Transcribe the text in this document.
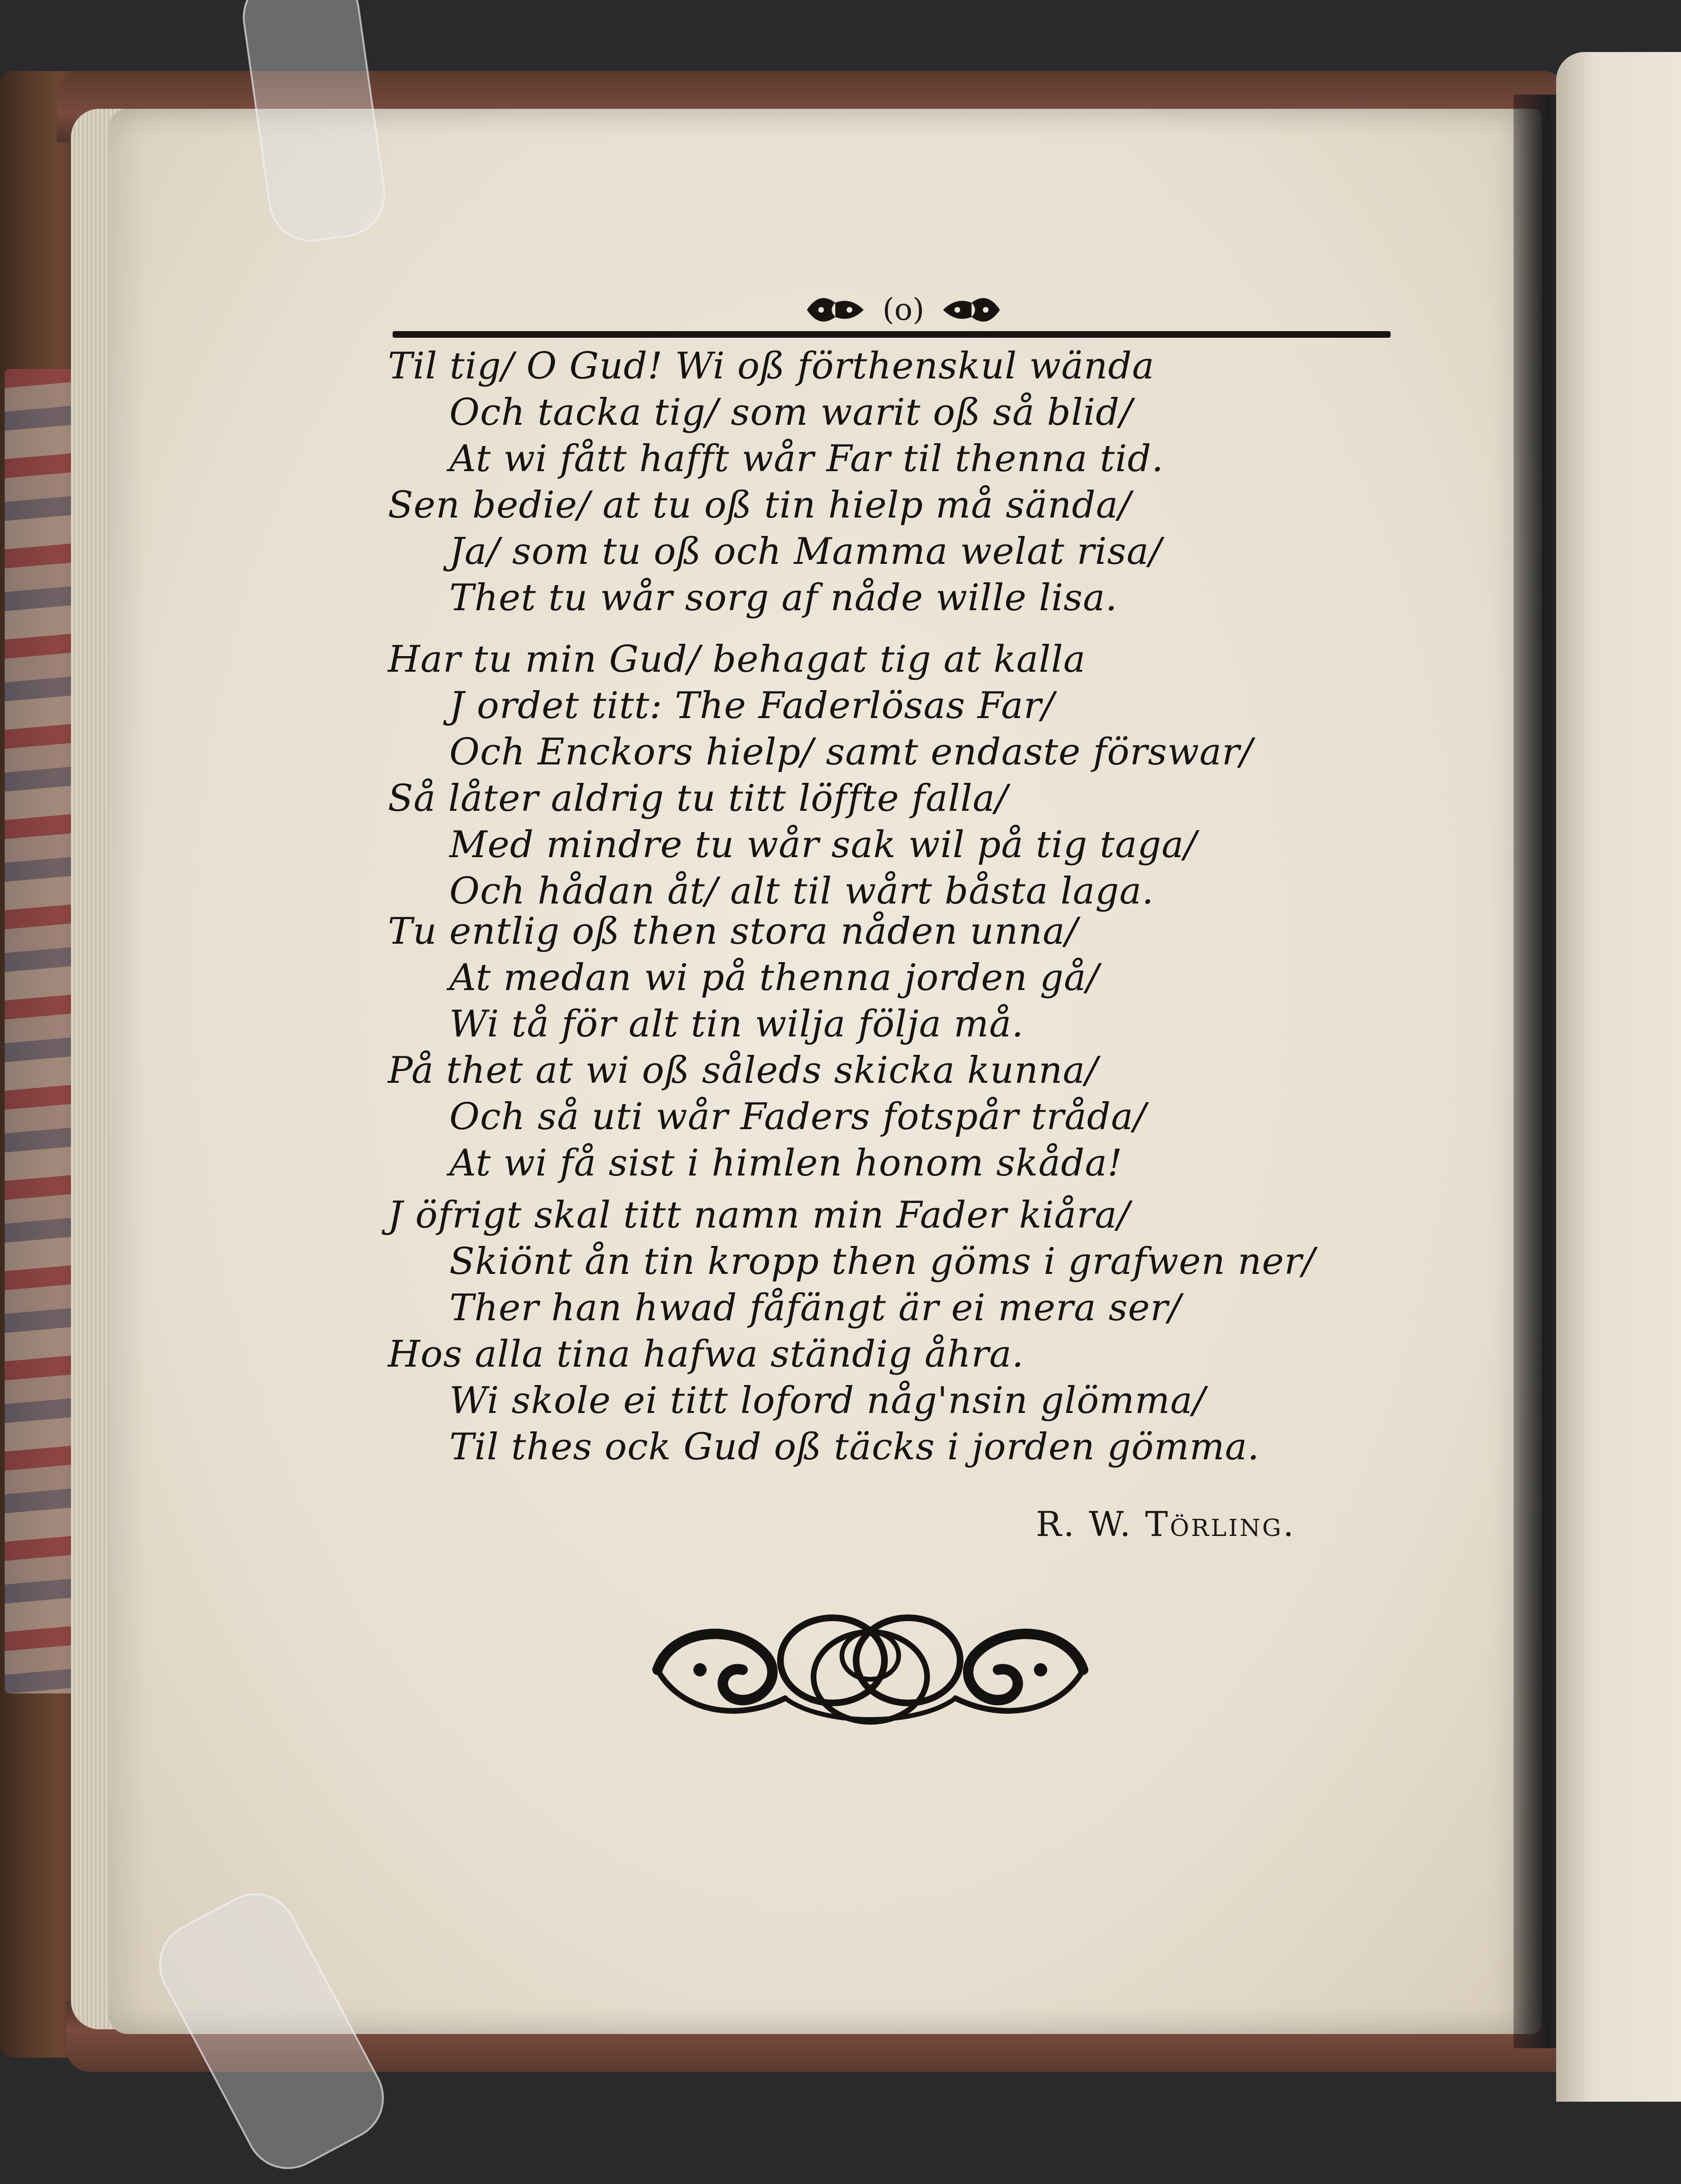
(o)
Til tig/ O Gud! Wi oß förthenskul wända
Och tacka tig/ som warit oß så blid/
At wi fått hafft wår Far til thenna tid.
Sen bedie/ at tu oß tin hielp må sända/
Ja/ som tu oß och Mamma welat risa/
Thet tu wår sorg af nåde wille lisa.
Har tu min Gud/ behagat tig at kalla
J ordet titt: The Faderlösas Far/
Och Enckors hielp/ samt endaste förswar/
Så låter aldrig tu titt löffte falla/
Med mindre tu wår sak wil på tig taga/
Och hådan åt/ alt til wårt båsta laga.
Tu entlig oß then stora nåden unna/
At medan wi på thenna jorden gå/
Wi tå för alt tin wilja följa må.
På thet at wi oß såleds skicka kunna/
Och så uti wår Faders fotspår tråda/
At wi få sist i himlen honom skåda!
J öfrigt skal titt namn min Fader kiåra/
Skiönt ån tin kropp then göms i grafwen ner/
Ther han hwad fåfängt är ei mera ser/
Hos alla tina hafwa ständig åhra.
Wi skole ei titt loford någ'nsin glömma/
Til thes ock Gud oß täcks i jorden gömma.
R. W. Törling.
